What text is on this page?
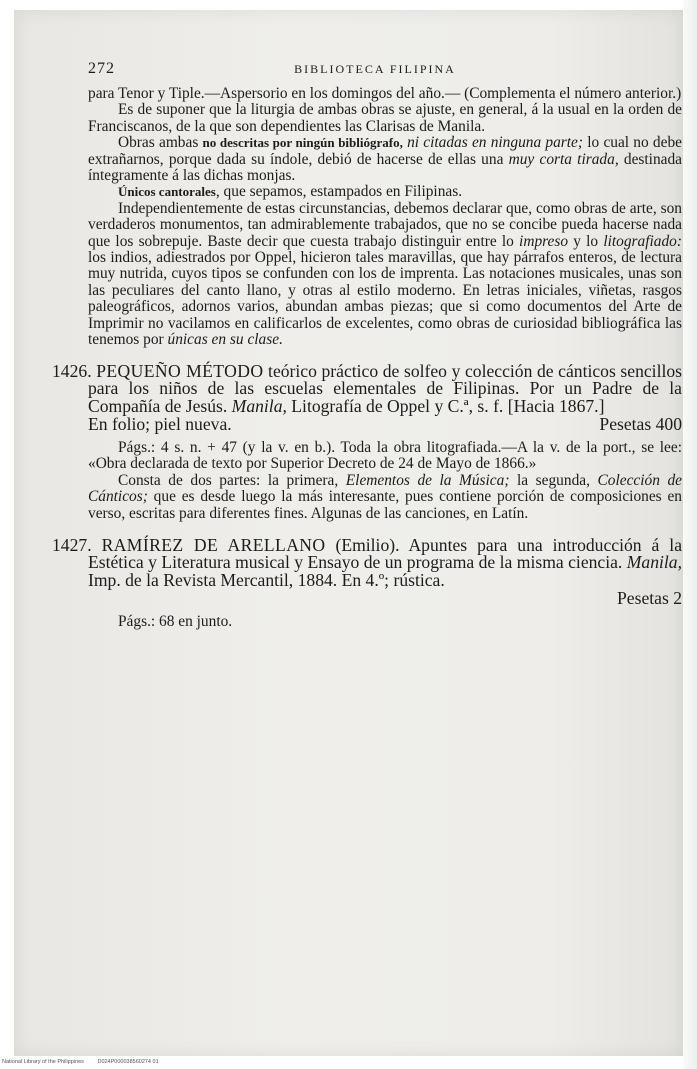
272	BIBLIOTECA FILIPINA

para Tenor y Tiple.—Aspersorio en los domingos del año.— (Complementa el número anterior.)

Es de suponer que la liturgia de ambas obras se ajuste, en general, á la usual en la orden de Franciscanos, de la que son dependientes las Clarisas de Manila.

Obras ambas no descritas por ningún bibliógrafo, ni citadas en ninguna parte; lo cual no debe extrañarnos, porque dada su índole, debió de hacerse de ellas una muy corta tirada, destinada íntegramente á las dichas monjas.

Únicos cantorales, que sepamos, estampados en Filipinas.

Independientemente de estas circunstancias, debemos declarar que, como obras de arte, son verdaderos monumentos, tan admirablemente trabajados, que no se concibe pueda hacerse nada que los sobrepuje. Baste decir que cuesta trabajo distinguir entre lo impreso y lo litografiado: los indios, adiestrados por Oppel, hicieron tales maravillas, que hay párrafos enteros, de lectura muy nutrida, cuyos tipos se confunden con los de imprenta. Las notaciones musicales, unas son las peculiares del canto llano, y otras al estilo moderno. En letras iniciales, viñetas, rasgos paleográficos, adornos varios, abundan ambas piezas; que si como documentos del Arte de Imprimir no vacilamos en calificarlos de excelentes, como obras de curiosidad bibliográfica las tenemos por únicas en su clase.

1426. PEQUEÑO MÉTODO teórico práctico de solfeo y colección de cánticos sencillos para los niños de las escuelas elementales de Filipinas. Por un Padre de la Compañía de Jesús. Manila, Litografía de Oppel y C.ª, s. f. [Hacia 1867.]

En folio; piel nueva.	Pesetas 400

Págs.: 4 s. n. + 47 (y la v. en b.). Toda la obra litografiada.—A la v. de la port., se lee: «Obra declarada de texto por Superior Decreto de 24 de Mayo de 1866.»

Consta de dos partes: la primera, Elementos de la Música; la segunda, Colección de Cánticos; que es desde luego la más interesante, pues contiene porción de composiciones en verso, escritas para diferentes fines. Algunas de las canciones, en Latín.

1427. RAMÍREZ DE ARELLANO (Emilio). Apuntes para una introducción á la Estética y Literatura musical y Ensayo de un programa de la misma ciencia. Manila, Imp. de la Revista Mercantil, 1884. En 4.º; rústica.

Pesetas 2

Págs.: 68 en junto.

National Library of the Philippines D024P000038560274 01
